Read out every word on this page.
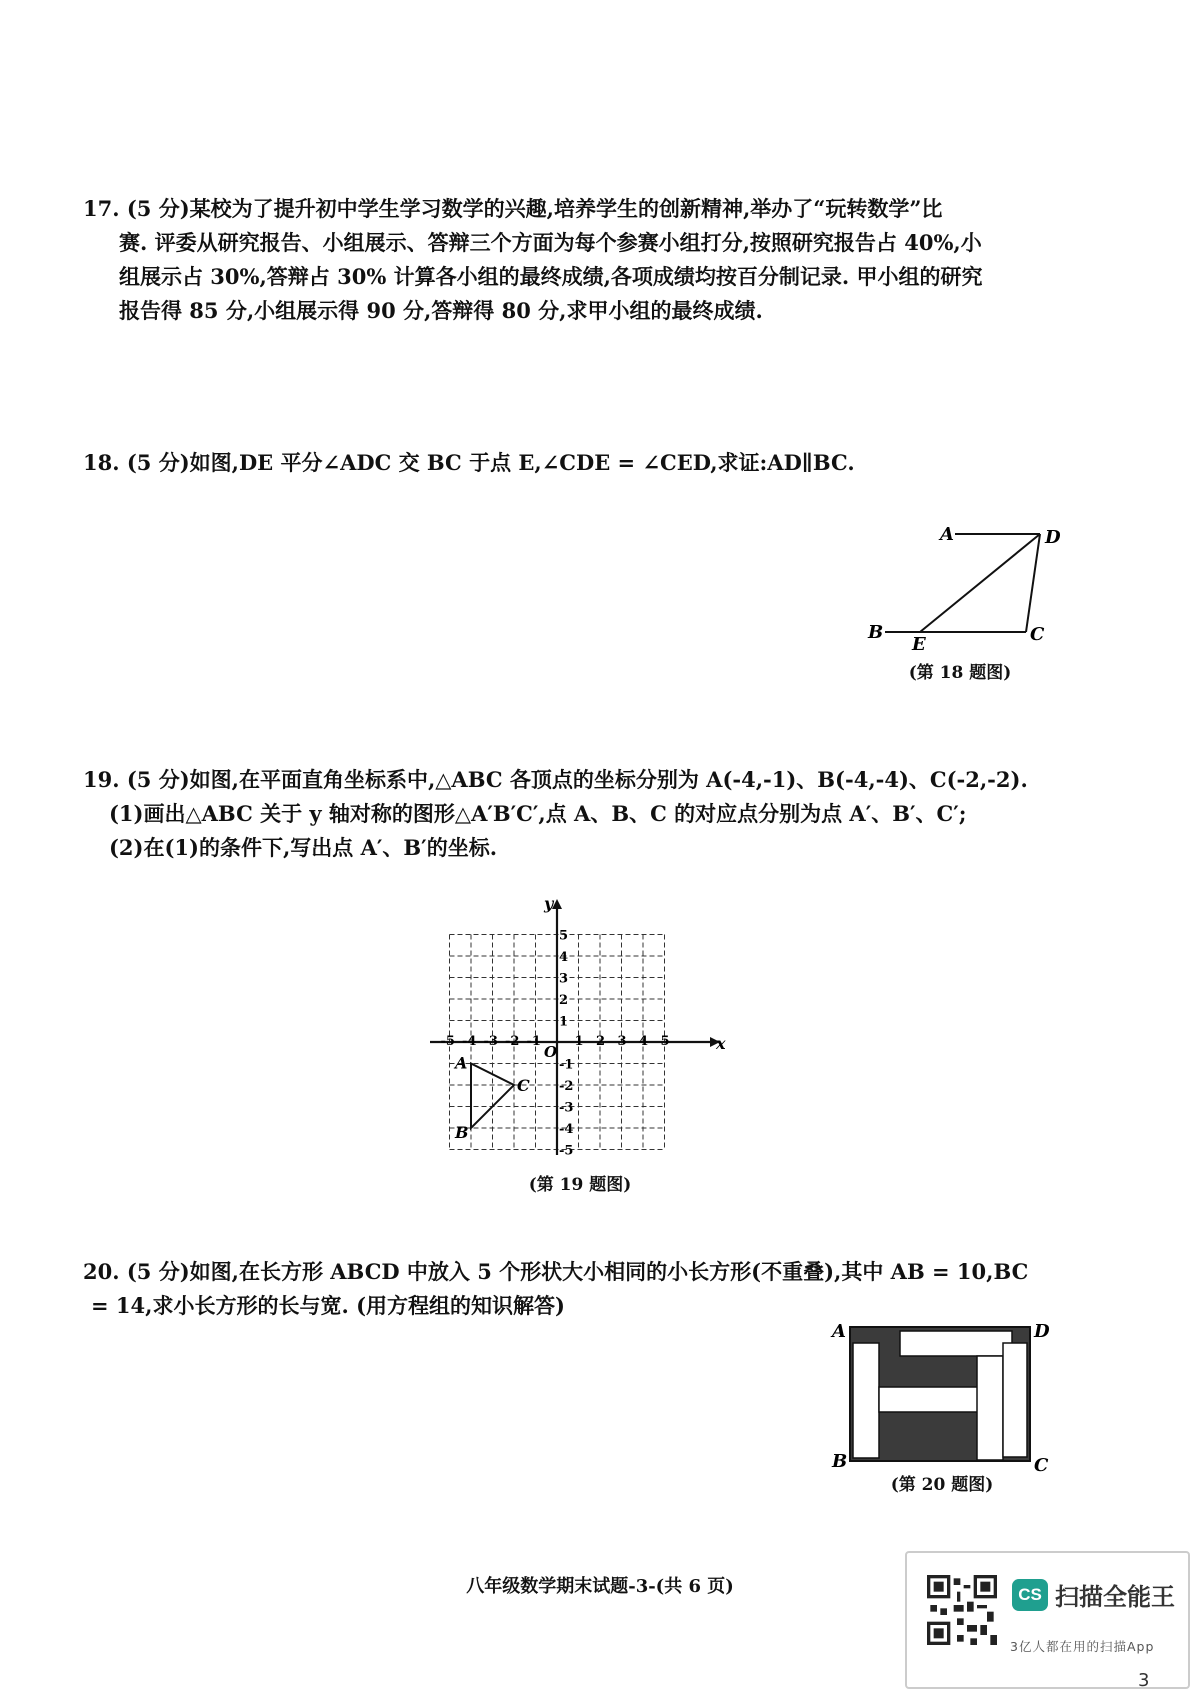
17. (5 分)某校为了提升初中学生学习数学的兴趣,培养学生的创新精神,举办了“玩转数学”比

赛. 评委从研究报告、小组展示、答辩三个方面为每个参赛小组打分,按照研究报告占 40%,小

组展示占 30%,答辩占 30% 计算各小组的最终成绩,各项成绩均按百分制记录. 甲小组的研究

报告得 85 分,小组展示得 90 分,答辩得 80 分,求甲小组的最终成绩.

18. (5 分)如图,DE 平分∠ADC 交 BC 于点 E,∠CDE = ∠CED,求证:AD∥BC.

A	D
B
E	C
(第 18 题图)

19. (5 分)如图,在平面直角坐标系中,△ABC 各顶点的坐标分别为 A(-4,-1)、B(-4,-4)、C(-2,-2).

(1)画出△ABC 关于 y 轴对称的图形△A′B′C′,点 A、B、C 的对应点分别为点 A′、B′、C′;

(2)在(1)的条件下,写出点 A′、B′的坐标.

x
y
O
-5 -4 -3 -2 -1	1 2 3 4 5
5
4
3
2
1
-1
-2
-3
-4
-5
A
B
C
(第 19 题图)

20. (5 分)如图,在长方形 ABCD 中放入 5 个形状大小相同的小长方形(不重叠),其中 AB = 10,BC

= 14,求小长方形的长与宽. (用方程组的知识解答)

A	D
B	C
(第 20 题图)
八年级数学期末试题-3-(共 6 页)	CS 扫描全能王
3亿人都在用的扫描App
3
